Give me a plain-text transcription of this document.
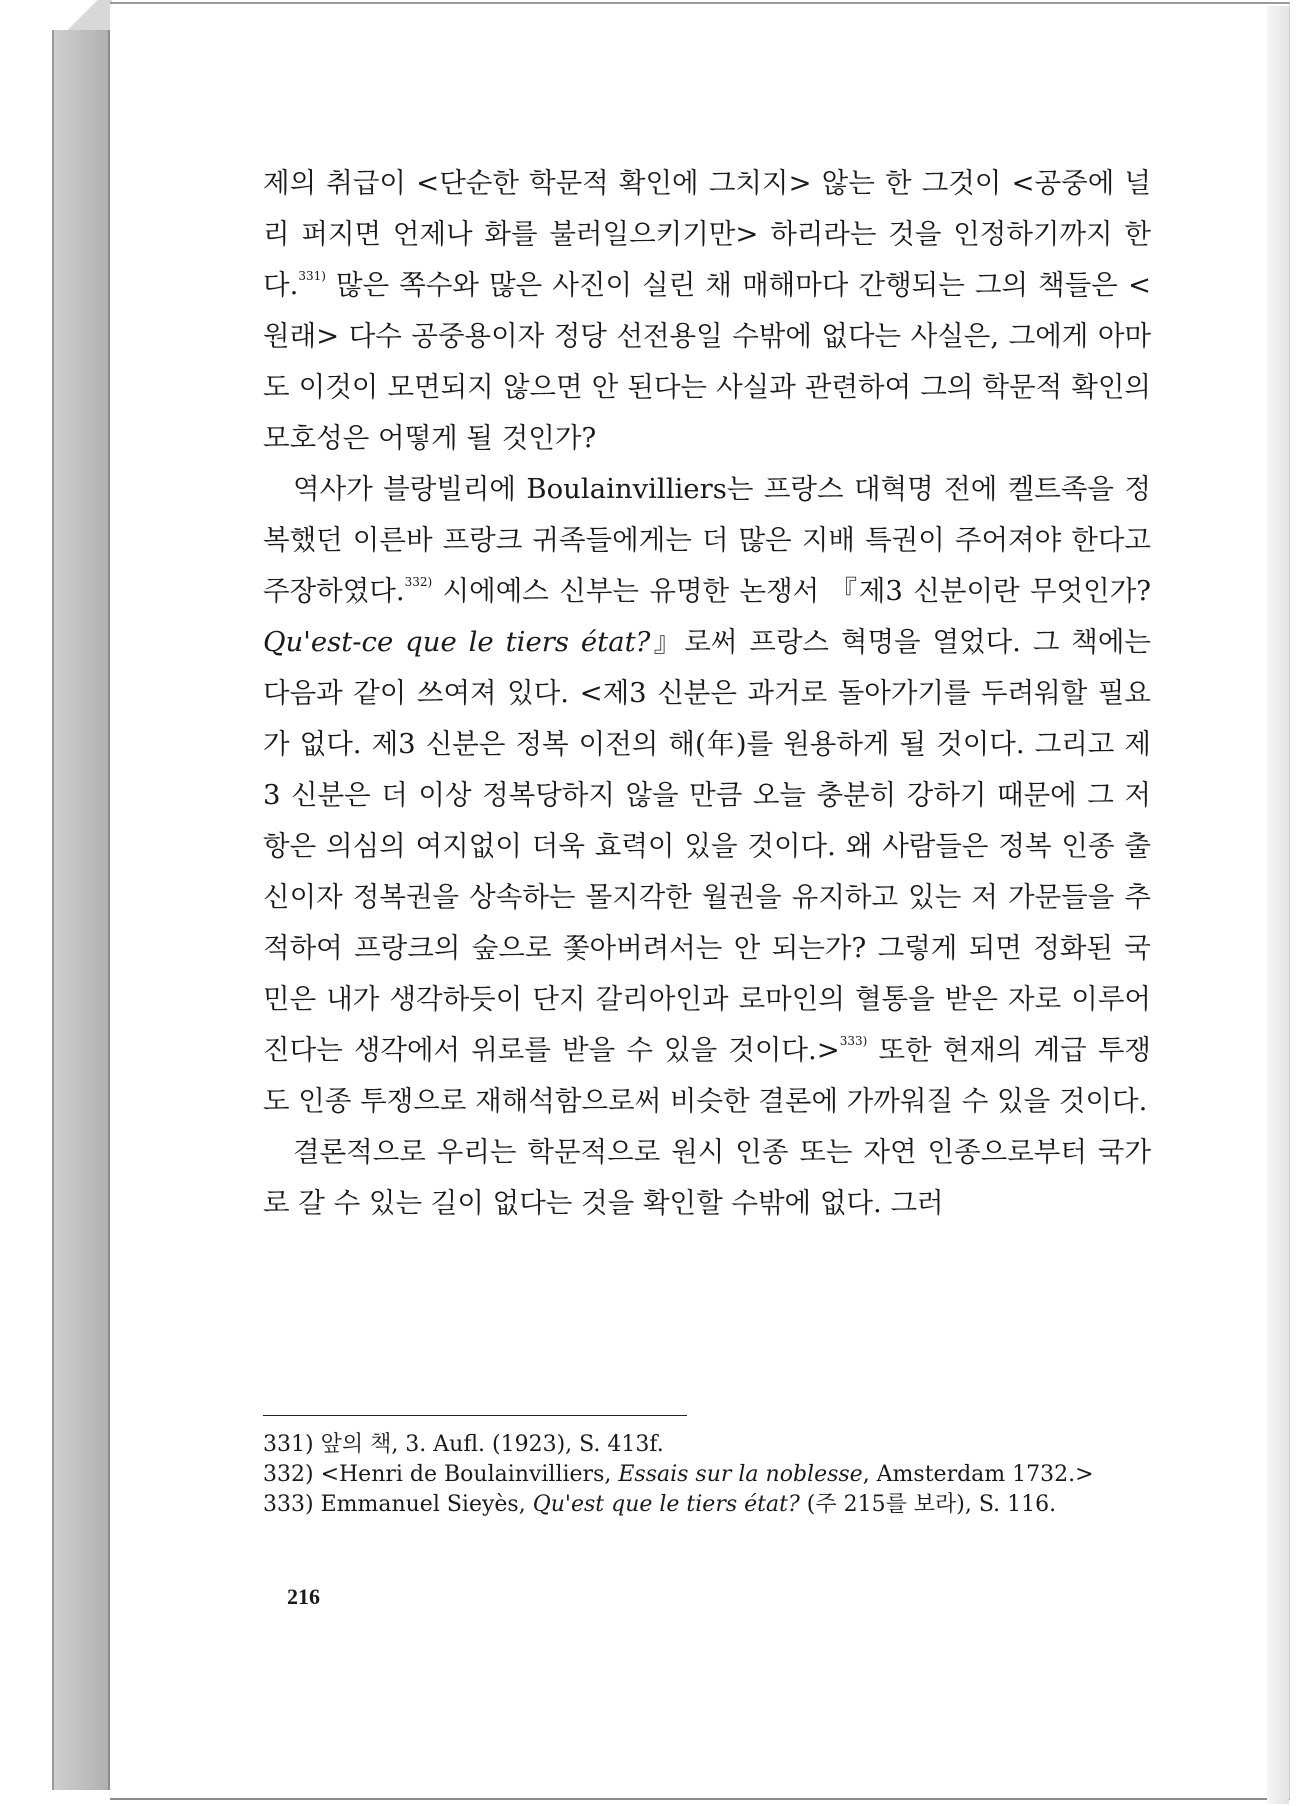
제의 취급이 <단순한 학문적 확인에 그치지> 않는 한 그것이 <공중에 널리 퍼지면 언제나 화를 불러일으키기만> 하리라는 것을 인정하기까지 한다.$^{331)}$ 많은 쪽수와 많은 사진이 실린 채 매해마다 간행되는 그의 책들은 <원래> 다수 공중용이자 정당 선전용일 수밖에 없다는 사실은, 그에게 아마도 이것이 모면되지 않으면 안 된다는 사실과 관련하여 그의 학문적 확인의 모호성은 어떻게 될 것인가?

역사가 블랑빌리에 Boulainvilliers는 프랑스 대혁명 전에 켈트족을 정복했던 이른바 프랑크 귀족들에게는 더 많은 지배 특권이 주어져야 한다고 주장하였다.$^{332)}$ 시에예스 신부는 유명한 논쟁서 『제3 신분이란 무엇인가? Qu'est-ce que le tiers état?』로써 프랑스 혁명을 열었다. 그 책에는 다음과 같이 쓰여져 있다. <제3 신분은 과거로 돌아가기를 두려워할 필요가 없다. 제3 신분은 정복 이전의 해(年)를 원용하게 될 것이다. 그리고 제3 신분은 더 이상 정복당하지 않을 만큼 오늘 충분히 강하기 때문에 그 저항은 의심의 여지없이 더욱 효력이 있을 것이다. 왜 사람들은 정복 인종 출신이자 정복권을 상속하는 몰지각한 월권을 유지하고 있는 저 가문들을 추적하여 프랑크의 숲으로 쫓아버려서는 안 되는가? 그렇게 되면 정화된 국민은 내가 생각하듯이 단지 갈리아인과 로마인의 혈통을 받은 자로 이루어진다는 생각에서 위로를 받을 수 있을 것이다.>$^{333)}$ 또한 현재의 계급 투쟁도 인종 투쟁으로 재해석함으로써 비슷한 결론에 가까워질 수 있을 것이다.

결론적으로 우리는 학문적으로 원시 인종 또는 자연 인종으로부터 국가로 갈 수 있는 길이 없다는 것을 확인할 수밖에 없다. 그러

331) 앞의 책, 3. Aufl. (1923), S. 413f.

332) <Henri de Boulainvilliers, Essais sur la noblesse, Amsterdam 1732.>

333) Emmanuel Sieyès, Qu'est que le tiers état? (주 215를 보라), S. 116.

216
